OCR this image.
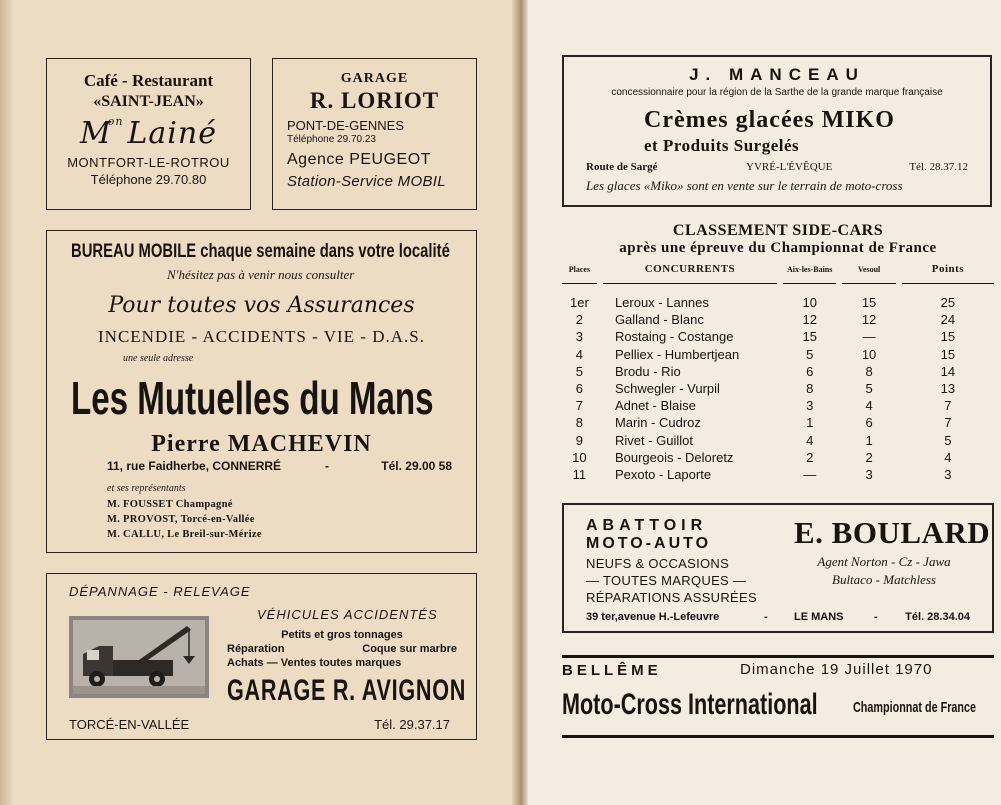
Café - Restaurant
«SAINT-JEAN»
$M^{on}$ Lainé
MONTFORT-LE-ROTROU
Téléphone 29.70.80
GARAGE
R. LORIOT
PONT-DE-GENNES
Téléphone 29.70.23
Agence PEUGEOT
Station-Service MOBIL
BUREAU MOBILE chaque semaine dans votre localité
N'hésitez pas à venir nous consulter
Pour toutes vos Assurances
INCENDIE - ACCIDENTS - VIE - D.A.S.
une seule adresse
Les Mutuelles du Mans
Pierre MACHEVIN
11, rue Faidherbe, CONNERRÉ	-	Tél. 29.00 58
et ses représentants
M. FOUSSET Champagné
M. PROVOST, Torcé-en-Vallée
M. CALLU, Le Breil-sur-Mérize
DÉPANNAGE - RELEVAGE
VÉHICULES ACCIDENTÉS
Petits et gros tonnages
Réparation	Coque sur marbre
Achats — Ventes toutes marques
GARAGE R. AVIGNON
TORCÉ-EN-VALLÉE	Tél. 29.37.17
J. MANCEAU
concessionnaire pour la région de la Sarthe de la grande marque française
Crèmes glacées MIKO
et Produits Surgelés
Route de Sargé	YVRÉ-L'ÉVÊQUE	Tél. 28.37.12
Les glaces «Miko» sont en vente sur le terrain de moto-cross
CLASSEMENT SIDE-CARS
après une épreuve du Championnat de France
Places		CONCURRENTS		Aix-les-Bains		Vesoul		Points
1er		Leroux - Lannes		10		15		25
2		Galland - Blanc		12		12		24
3		Rostaing - Costange		15		—		15
4		Pelliex - Humbertjean		5		10		15
5		Brodu - Rio		6		8		14
6		Schwegler - Vurpil		8		5		13
7		Adnet - Blaise		3		4		7
8		Marin - Cudroz		1		6		7
9		Rivet - Guillot		4		1		5
10		Bourgeois - Deloretz		2		2		4
11		Pexoto - Laporte		—		3		3
ABATTOIR
MOTO-AUTO
NEUFS & OCCASIONS
— TOUTES MARQUES —
RÉPARATIONS ASSURÉES
E. BOULARD
Agent Norton - Cz - Jawa
Bultaco - Matchless
39 ter,avenue H.-Lefeuvre	- LE MANS	-	Tél. 28.34.04
BELLÊME	Dimanche 19 Juillet 1970
Moto-Cross International Championnat de France
